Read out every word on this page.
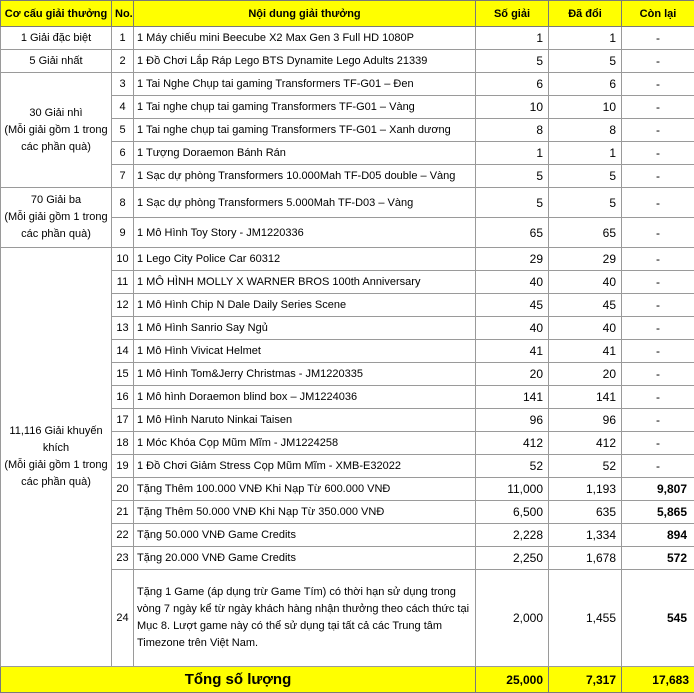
Cơ cấu giải thưởng	No.	Nội dung giải thưởng	Số giải	Đã đổi	Còn lại
1 Giải đặc biệt	1	1 Máy chiếu mini Beecube X2 Max Gen 3 Full HD 1080P	1	1	-
5 Giải nhất	2	1 Đồ Chơi Lắp Ráp Lego BTS Dynamite Lego Adults 21339	5	5	-

30 Giải nhì
(Mỗi giải gồm 1 trong các phần quà)	3	1 Tai Nghe Chụp tai gaming Transformers TF-G01 – Đen	6	6	-
	4	1 Tai nghe chụp tai gaming Transformers TF-G01 – Vàng	10	10	-
	5	1 Tai nghe chụp tai gaming Transformers TF-G01 – Xanh dương	8	8	-
	6	1 Tượng Doraemon Bánh Rán	1	1	-
	7	1 Sạc dự phòng Transformers 10.000Mah TF-D05 double – Vàng	5	5	-

70 Giải ba
(Mỗi giải gồm 1 trong các phần quà)	8	1 Sạc dự phòng Transformers 5.000Mah TF-D03 – Vàng	5	5	-
	9	1 Mô Hình Toy Story - JM1220336	65	65	-

11,116 Giải khuyến khích
(Mỗi giải gồm 1 trong các phần quà)	10	1 Lego City Police Car 60312	29	29	-
	11	1 MÔ HÌNH MOLLY X WARNER BROS 100th Anniversary	40	40	-
	12	1 Mô Hình Chip N Dale Daily Series Scene	45	45	-
	13	1 Mô Hình Sanrio Say Ngủ	40	40	-
	14	1 Mô Hình Vivicat Helmet	41	41	-
	15	1 Mô Hình Tom&Jerry Christmas - JM1220335	20	20	-
	16	1 Mô hình Doraemon blind box – JM1224036	141	141	-
	17	1 Mô Hình Naruto Ninkai Taisen	96	96	-
	18	1 Móc Khóa Cọp Mũm Mĩm - JM1224258	412	412	-
	19	1 Đồ Chơi Giảm Stress Cọp Mũm Mĩm - XMB-E32022	52	52	-
	20	Tặng Thêm 100.000 VNĐ Khi Nạp Từ 600.000 VNĐ	11,000	1,193	9,807
	21	Tặng Thêm 50.000 VNĐ Khi Nạp Từ 350.000 VNĐ	6,500	635	5,865
	22	Tặng 50.000 VNĐ Game Credits	2,228	1,334	894
	23	Tặng 20.000 VNĐ Game Credits	2,250	1,678	572
	24	Tặng 1 Game (áp dụng trừ Game Tím) có thời hạn sử dụng trong vòng 7 ngày kể từ ngày khách hàng nhận thưởng theo cách thức tại Mục 8. Lượt game này có thể sử dụng tại tất cả các Trung tâm Timezone trên Việt Nam.	2,000	1,455	545
Tổng số lượng			25,000	7,317	17,683
